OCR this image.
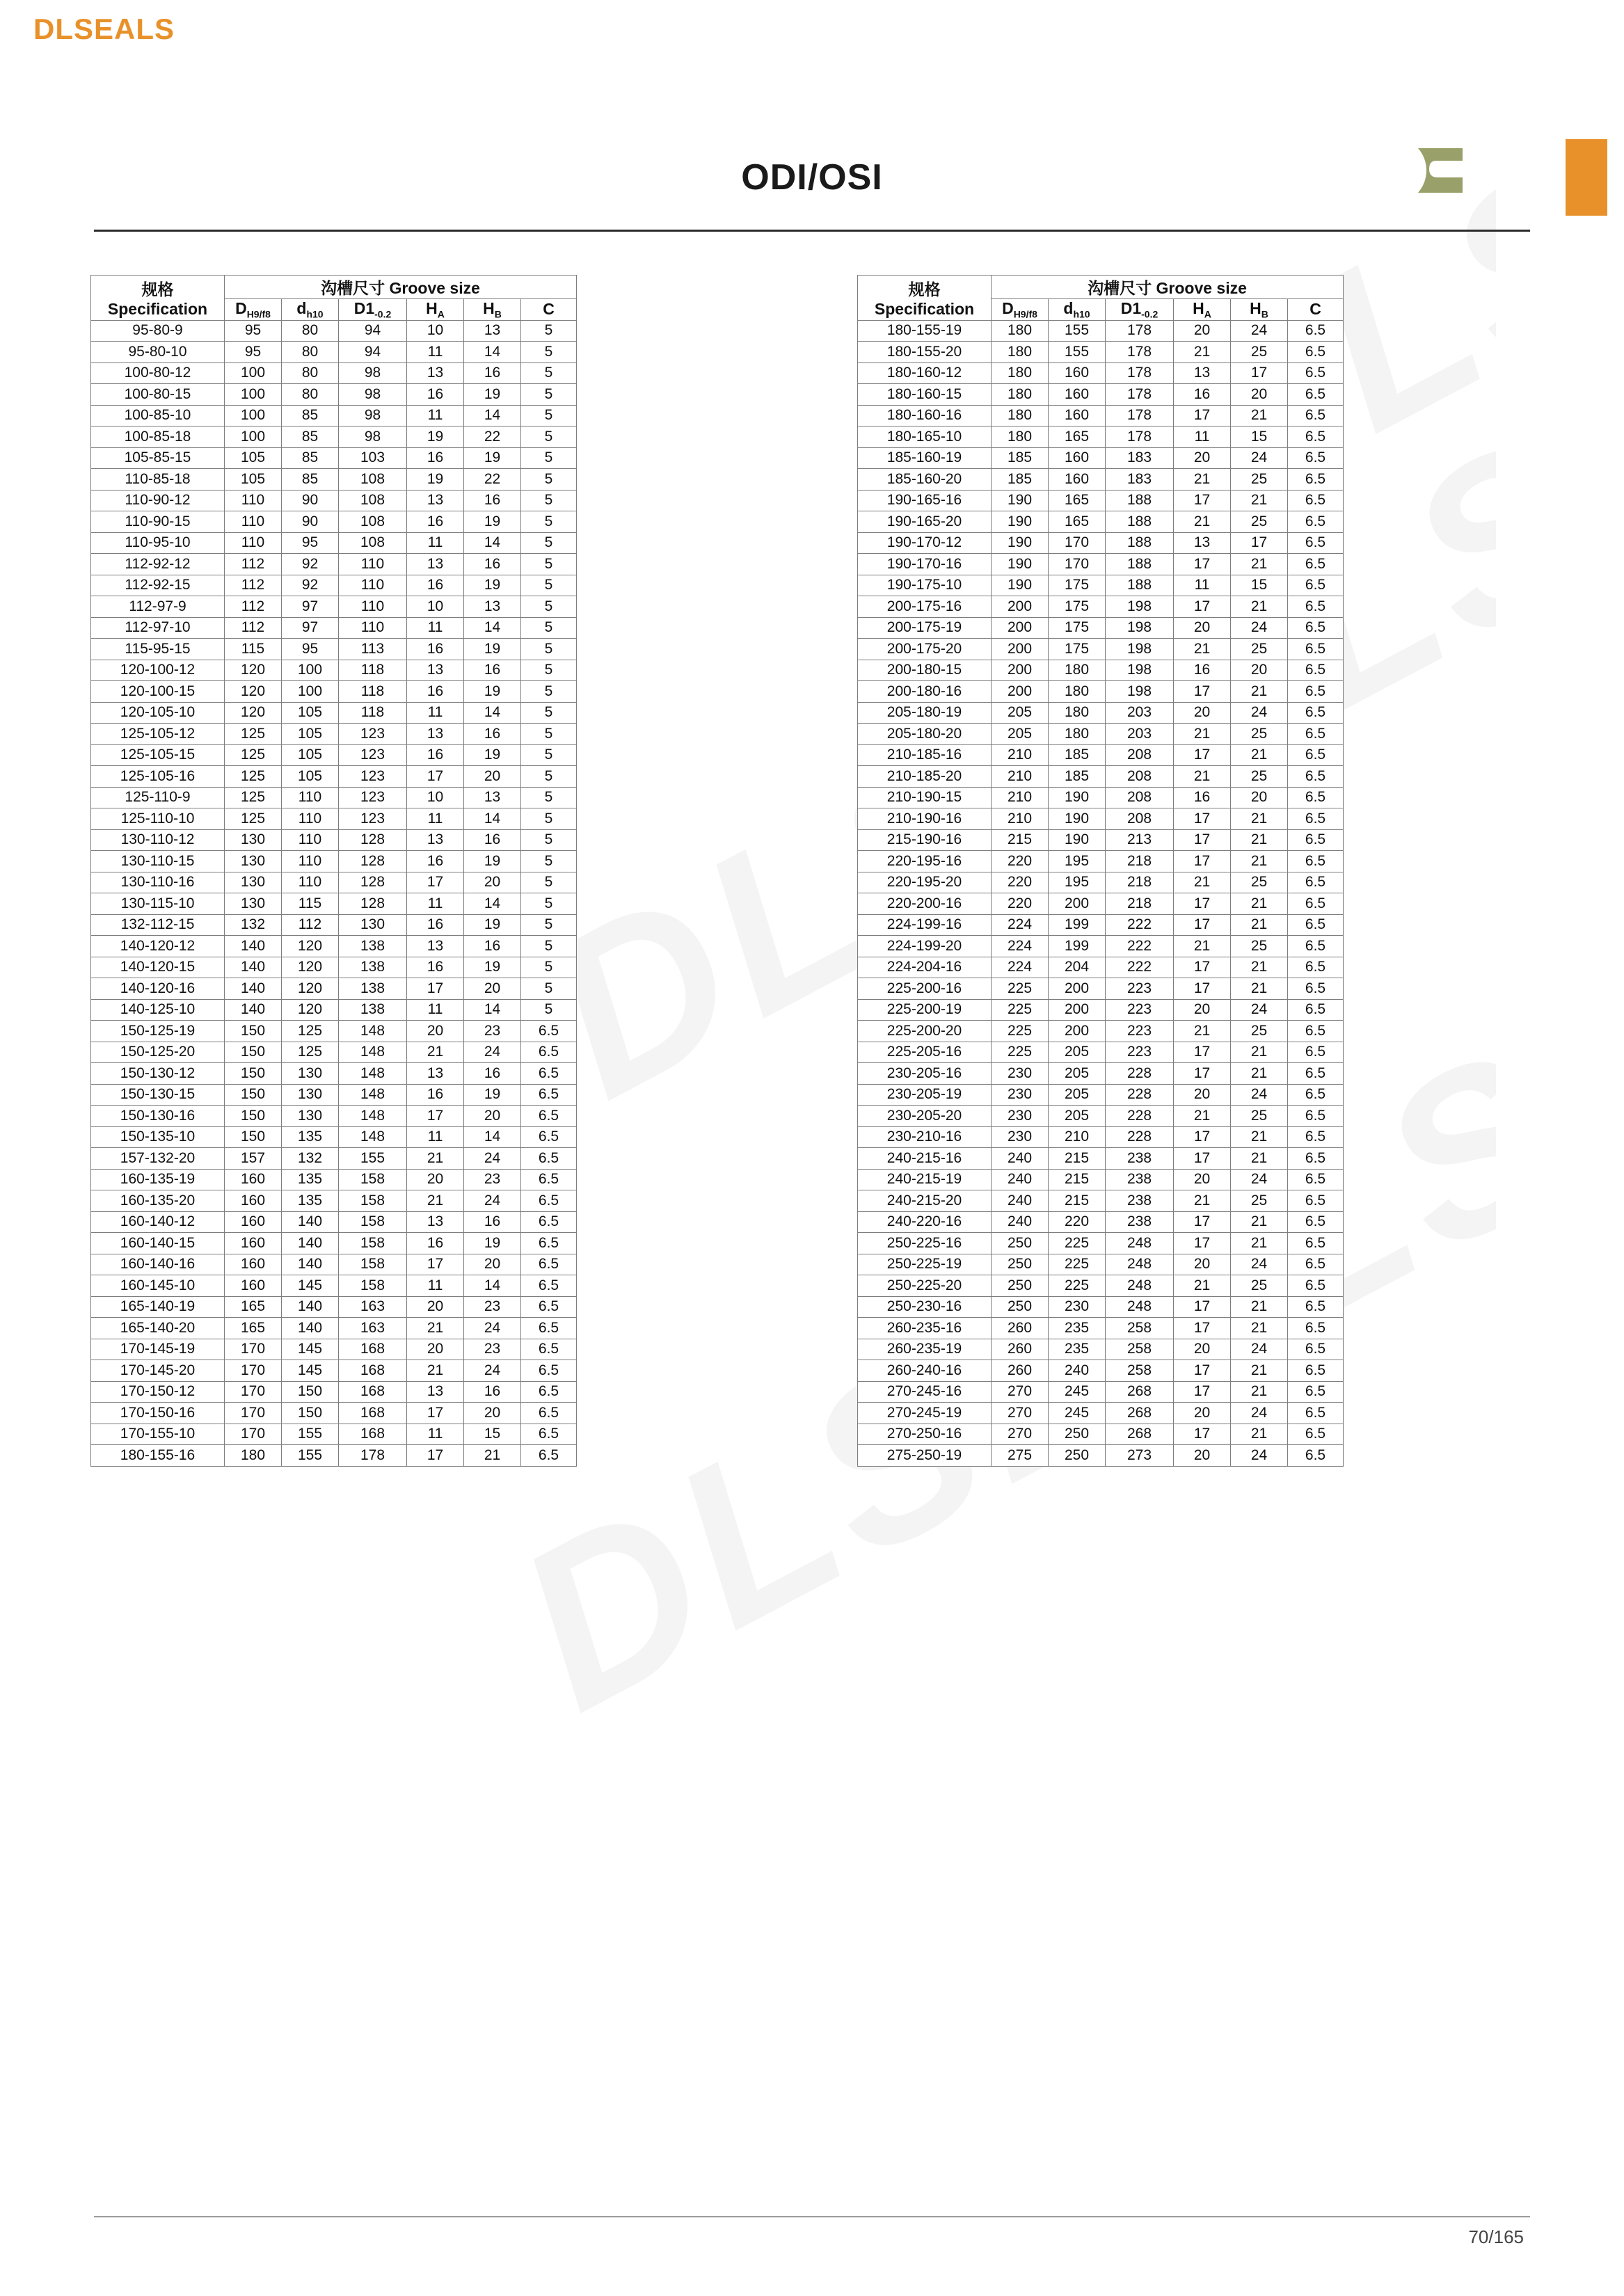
DLSEALS
ODI/OSI
规格
Specification	沟槽尺寸 Groove size					
	$D_{H9/f8}$	$d_{h10}$	$D1_{-0.2}$	$H_A$	$H_B$	C
95-80-9	95	80	94	10	13	5
95-80-10	95	80	94	11	14	5
100-80-12	100	80	98	13	16	5
100-80-15	100	80	98	16	19	5
100-85-10	100	85	98	11	14	5
100-85-18	100	85	98	19	22	5
105-85-15	105	85	103	16	19	5
110-85-18	105	85	108	19	22	5
110-90-12	110	90	108	13	16	5
110-90-15	110	90	108	16	19	5
110-95-10	110	95	108	11	14	5
112-92-12	112	92	110	13	16	5
112-92-15	112	92	110	16	19	5
112-97-9	112	97	110	10	13	5
112-97-10	112	97	110	11	14	5
115-95-15	115	95	113	16	19	5
120-100-12	120	100	118	13	16	5
120-100-15	120	100	118	16	19	5
120-105-10	120	105	118	11	14	5
125-105-12	125	105	123	13	16	5
125-105-15	125	105	123	16	19	5
125-105-16	125	105	123	17	20	5
125-110-9	125	110	123	10	13	5
125-110-10	125	110	123	11	14	5
130-110-12	130	110	128	13	16	5
130-110-15	130	110	128	16	19	5
130-110-16	130	110	128	17	20	5
130-115-10	130	115	128	11	14	5
132-112-15	132	112	130	16	19	5
140-120-12	140	120	138	13	16	5
140-120-15	140	120	138	16	19	5
140-120-16	140	120	138	17	20	5
140-125-10	140	120	138	11	14	5
150-125-19	150	125	148	20	23	6.5
150-125-20	150	125	148	21	24	6.5
150-130-12	150	130	148	13	16	6.5
150-130-15	150	130	148	16	19	6.5
150-130-16	150	130	148	17	20	6.5
150-135-10	150	135	148	11	14	6.5
157-132-20	157	132	155	21	24	6.5
160-135-19	160	135	158	20	23	6.5
160-135-20	160	135	158	21	24	6.5
160-140-12	160	140	158	13	16	6.5
160-140-15	160	140	158	16	19	6.5
160-140-16	160	140	158	17	20	6.5
160-145-10	160	145	158	11	14	6.5
165-140-19	165	140	163	20	23	6.5
165-140-20	165	140	163	21	24	6.5
170-145-19	170	145	168	20	23	6.5
170-145-20	170	145	168	21	24	6.5
170-150-12	170	150	168	13	16	6.5
170-150-16	170	150	168	17	20	6.5
170-155-10	170	155	168	11	15	6.5
180-155-16	180	155	178	17	21	6.5
规格
Specification	沟槽尺寸 Groove size					
	$D_{H9/f8}$	$d_{h10}$	$D1_{-0.2}$	$H_A$	$H_B$	C
180-155-19	180	155	178	20	24	6.5
180-155-20	180	155	178	21	25	6.5
180-160-12	180	160	178	13	17	6.5
180-160-15	180	160	178	16	20	6.5
180-160-16	180	160	178	17	21	6.5
180-165-10	180	165	178	11	15	6.5
185-160-19	185	160	183	20	24	6.5
185-160-20	185	160	183	21	25	6.5
190-165-16	190	165	188	17	21	6.5
190-165-20	190	165	188	21	25	6.5
190-170-12	190	170	188	13	17	6.5
190-170-16	190	170	188	17	21	6.5
190-175-10	190	175	188	11	15	6.5
200-175-16	200	175	198	17	21	6.5
200-175-19	200	175	198	20	24	6.5
200-175-20	200	175	198	21	25	6.5
200-180-15	200	180	198	16	20	6.5
200-180-16	200	180	198	17	21	6.5
205-180-19	205	180	203	20	24	6.5
205-180-20	205	180	203	21	25	6.5
210-185-16	210	185	208	17	21	6.5
210-185-20	210	185	208	21	25	6.5
210-190-15	210	190	208	16	20	6.5
210-190-16	210	190	208	17	21	6.5
215-190-16	215	190	213	17	21	6.5
220-195-16	220	195	218	17	21	6.5
220-195-20	220	195	218	21	25	6.5
220-200-16	220	200	218	17	21	6.5
224-199-16	224	199	222	17	21	6.5
224-199-20	224	199	222	21	25	6.5
224-204-16	224	204	222	17	21	6.5
225-200-16	225	200	223	17	21	6.5
225-200-19	225	200	223	20	24	6.5
225-200-20	225	200	223	21	25	6.5
225-205-16	225	205	223	17	21	6.5
230-205-16	230	205	228	17	21	6.5
230-205-19	230	205	228	20	24	6.5
230-205-20	230	205	228	21	25	6.5
230-210-16	230	210	228	17	21	6.5
240-215-16	240	215	238	17	21	6.5
240-215-19	240	215	238	20	24	6.5
240-215-20	240	215	238	21	25	6.5
240-220-16	240	220	238	17	21	6.5
250-225-16	250	225	248	17	21	6.5
250-225-19	250	225	248	20	24	6.5
250-225-20	250	225	248	21	25	6.5
250-230-16	250	230	248	17	21	6.5
260-235-16	260	235	258	17	21	6.5
260-235-19	260	235	258	20	24	6.5
260-240-16	260	240	258	17	21	6.5
270-245-16	270	245	268	17	21	6.5
270-245-19	270	245	268	20	24	6.5
270-250-16	270	250	268	17	21	6.5
275-250-19	275	250	273	20	24	6.5
70/165
